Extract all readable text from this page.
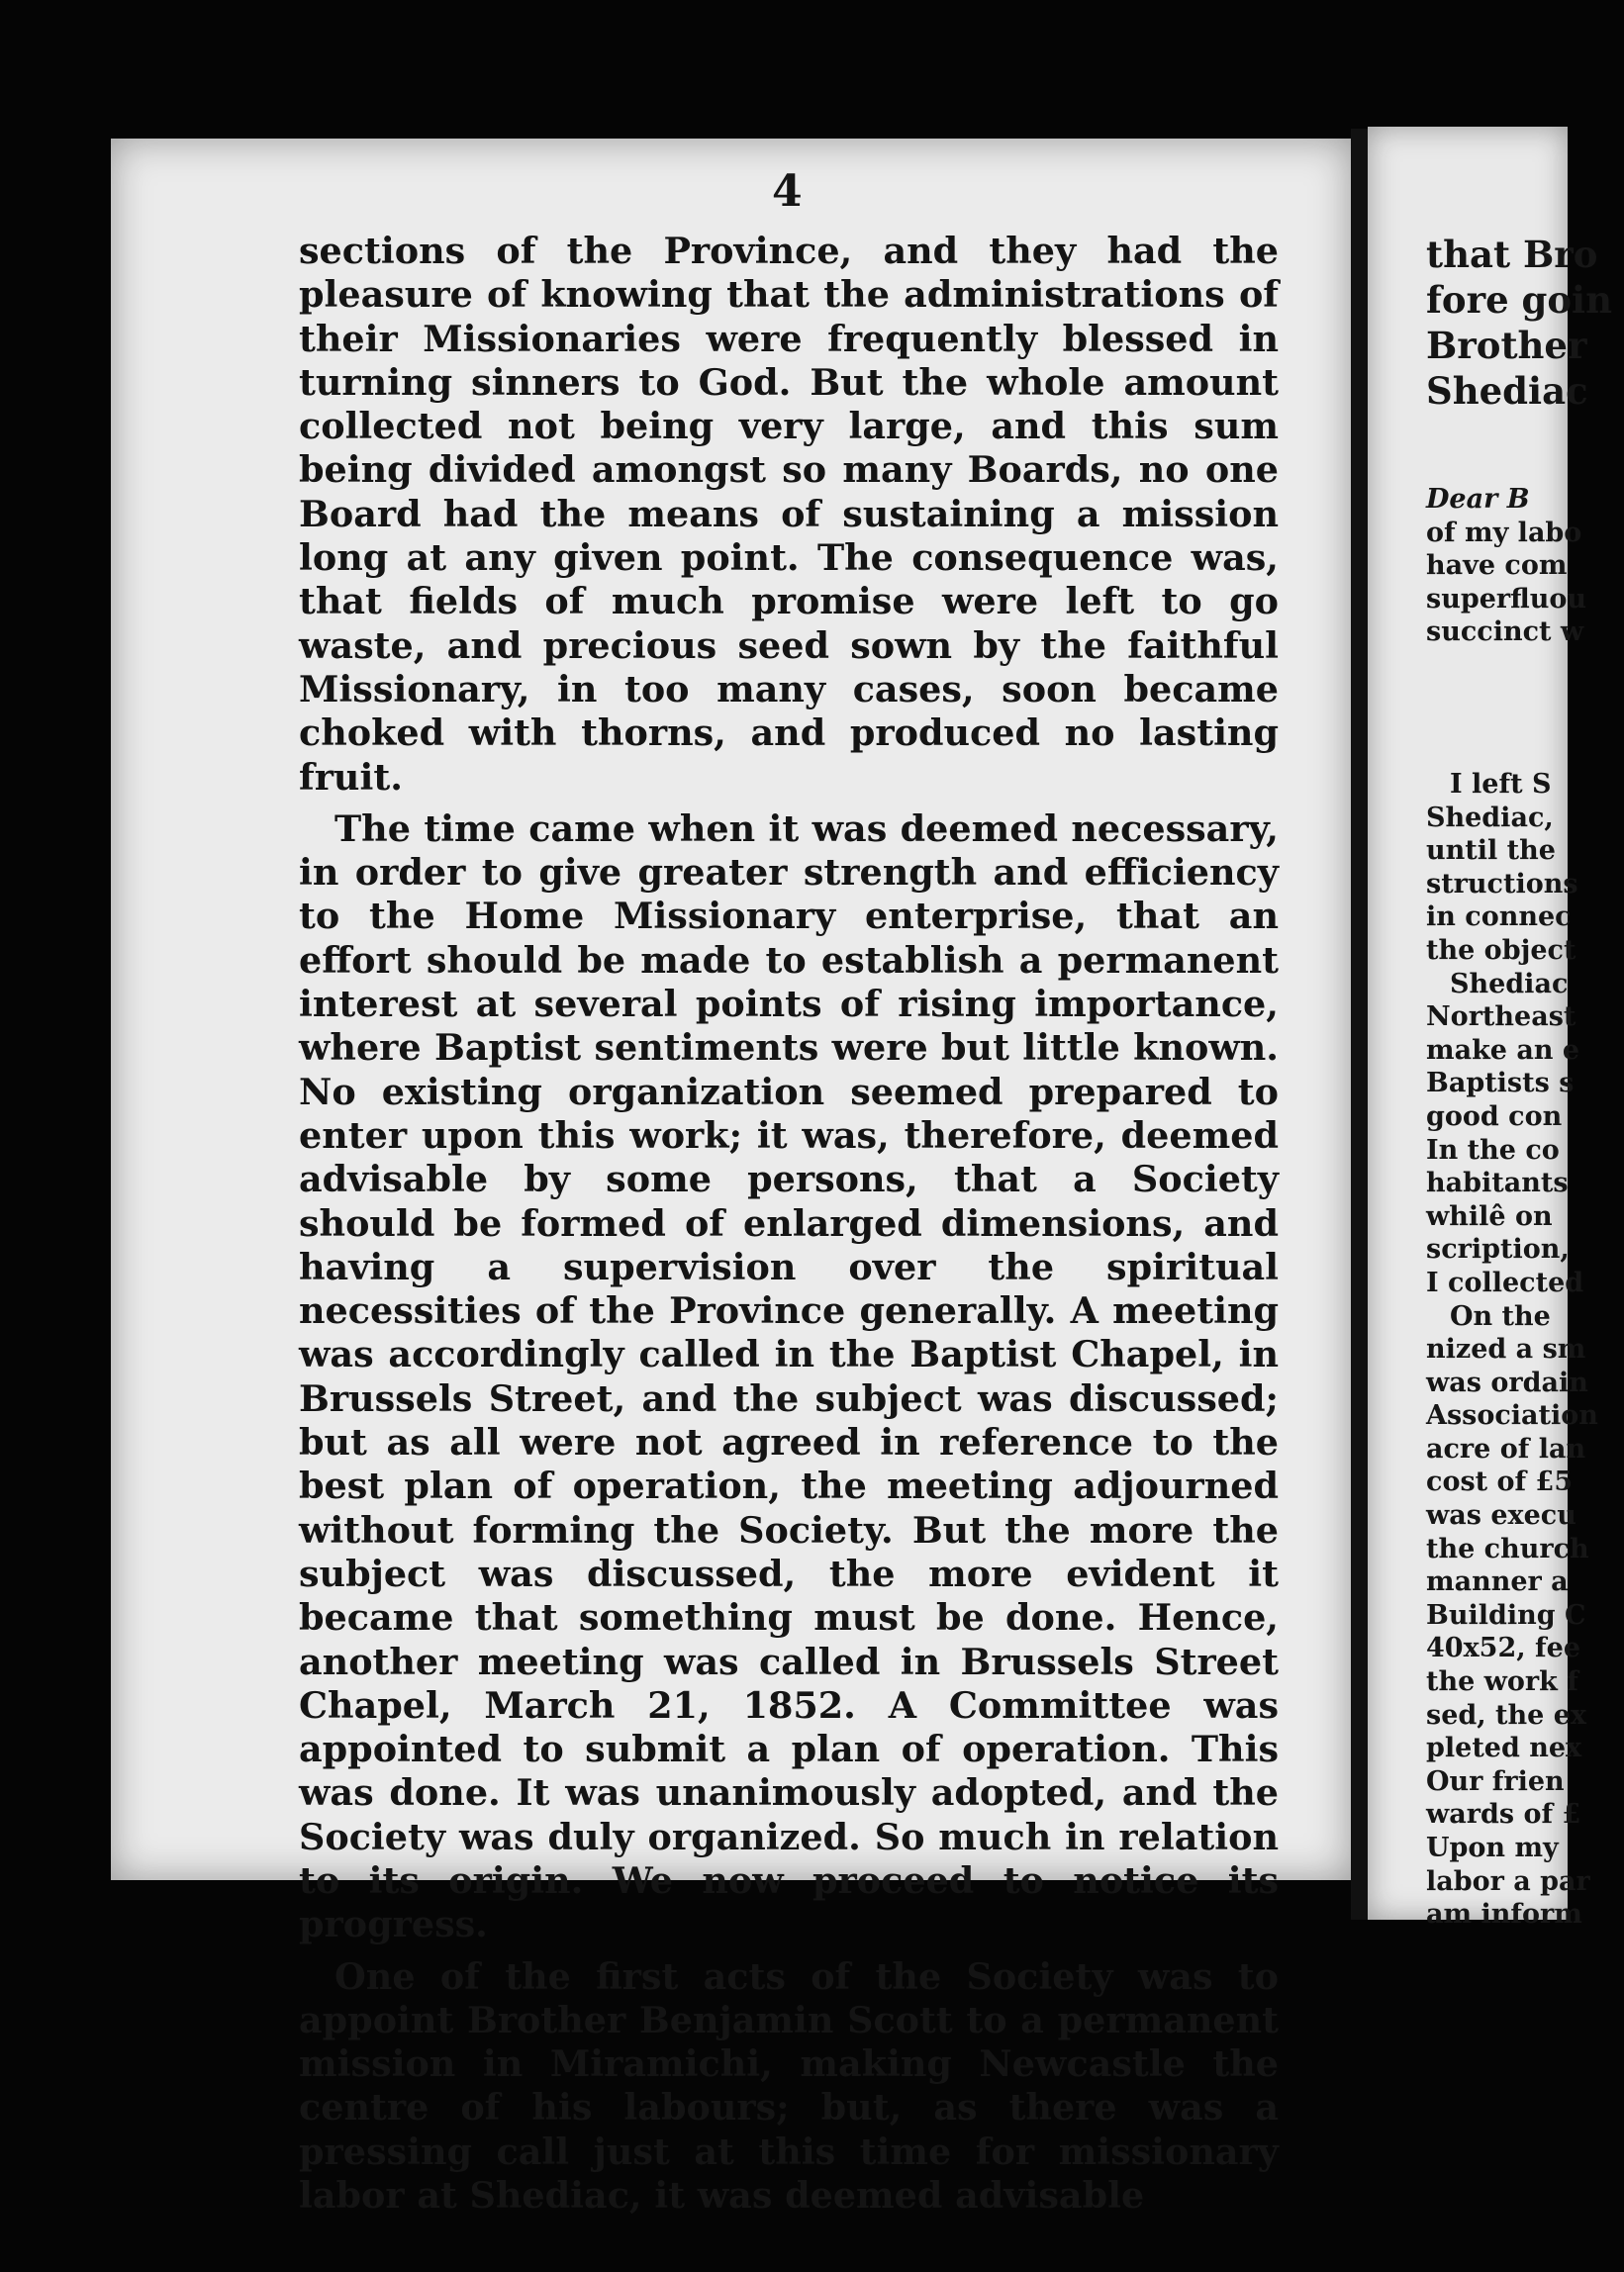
4

sections of the Province, and they had the pleasure of knowing that the administrations of their Missionaries were frequently blessed in turning sinners to God. But the whole amount collected not being very large, and this sum being divided amongst so many Boards, no one Board had the means of sustaining a mission long at any given point. The consequence was, that fields of much promise were left to go waste, and precious seed sown by the faithful Missionary, in too many cases, soon became choked with thorns, and produced no lasting fruit.

The time came when it was deemed necessary, in order to give greater strength and efficiency to the Home Missionary enterprise, that an effort should be made to establish a permanent interest at several points of rising importance, where Baptist sentiments were but little known. No existing organization seemed prepared to enter upon this work; it was, therefore, deemed advisable by some persons, that a Society should be formed of enlarged dimensions, and having a supervision over the spiritual necessities of the Province generally. A meeting was accordingly called in the Baptist Chapel, in Brussels Street, and the subject was discussed; but as all were not agreed in reference to the best plan of operation, the meeting adjourned without forming the Society. But the more the subject was discussed, the more evident it became that something must be done. Hence, another meeting was called in Brussels Street Chapel, March 21, 1852. A Committee was appointed to submit a plan of operation. This was done. It was unanimously adopted, and the Society was duly organized. So much in relation to its origin. We now proceed to notice its progress.

One of the first acts of the Society was to appoint Brother Benjamin Scott to a permanent mission in Miramichi, making Newcastle the centre of his labours; but, as there was a pressing call just at this time for missionary labor at Shediac, it was deemed advisable

that Bro
fore goin
Brother
Shediac
Dear B
of my labo
have com
superfluou
succinct w
I left S
Shediac,
until the
structions
in connec
the object
Shediac
Northeast
make an e
Baptists s
good con
In the co
habitants
whilê on
scription,
I collected
On the
nized a sm
was ordain
Association
acre of lan
cost of £5
was execu
the church
manner a
Building C
40x52, fee
the work f
sed, the ex
pleted nex
Our frien
wards of £
Upon my
labor a par
am inform
